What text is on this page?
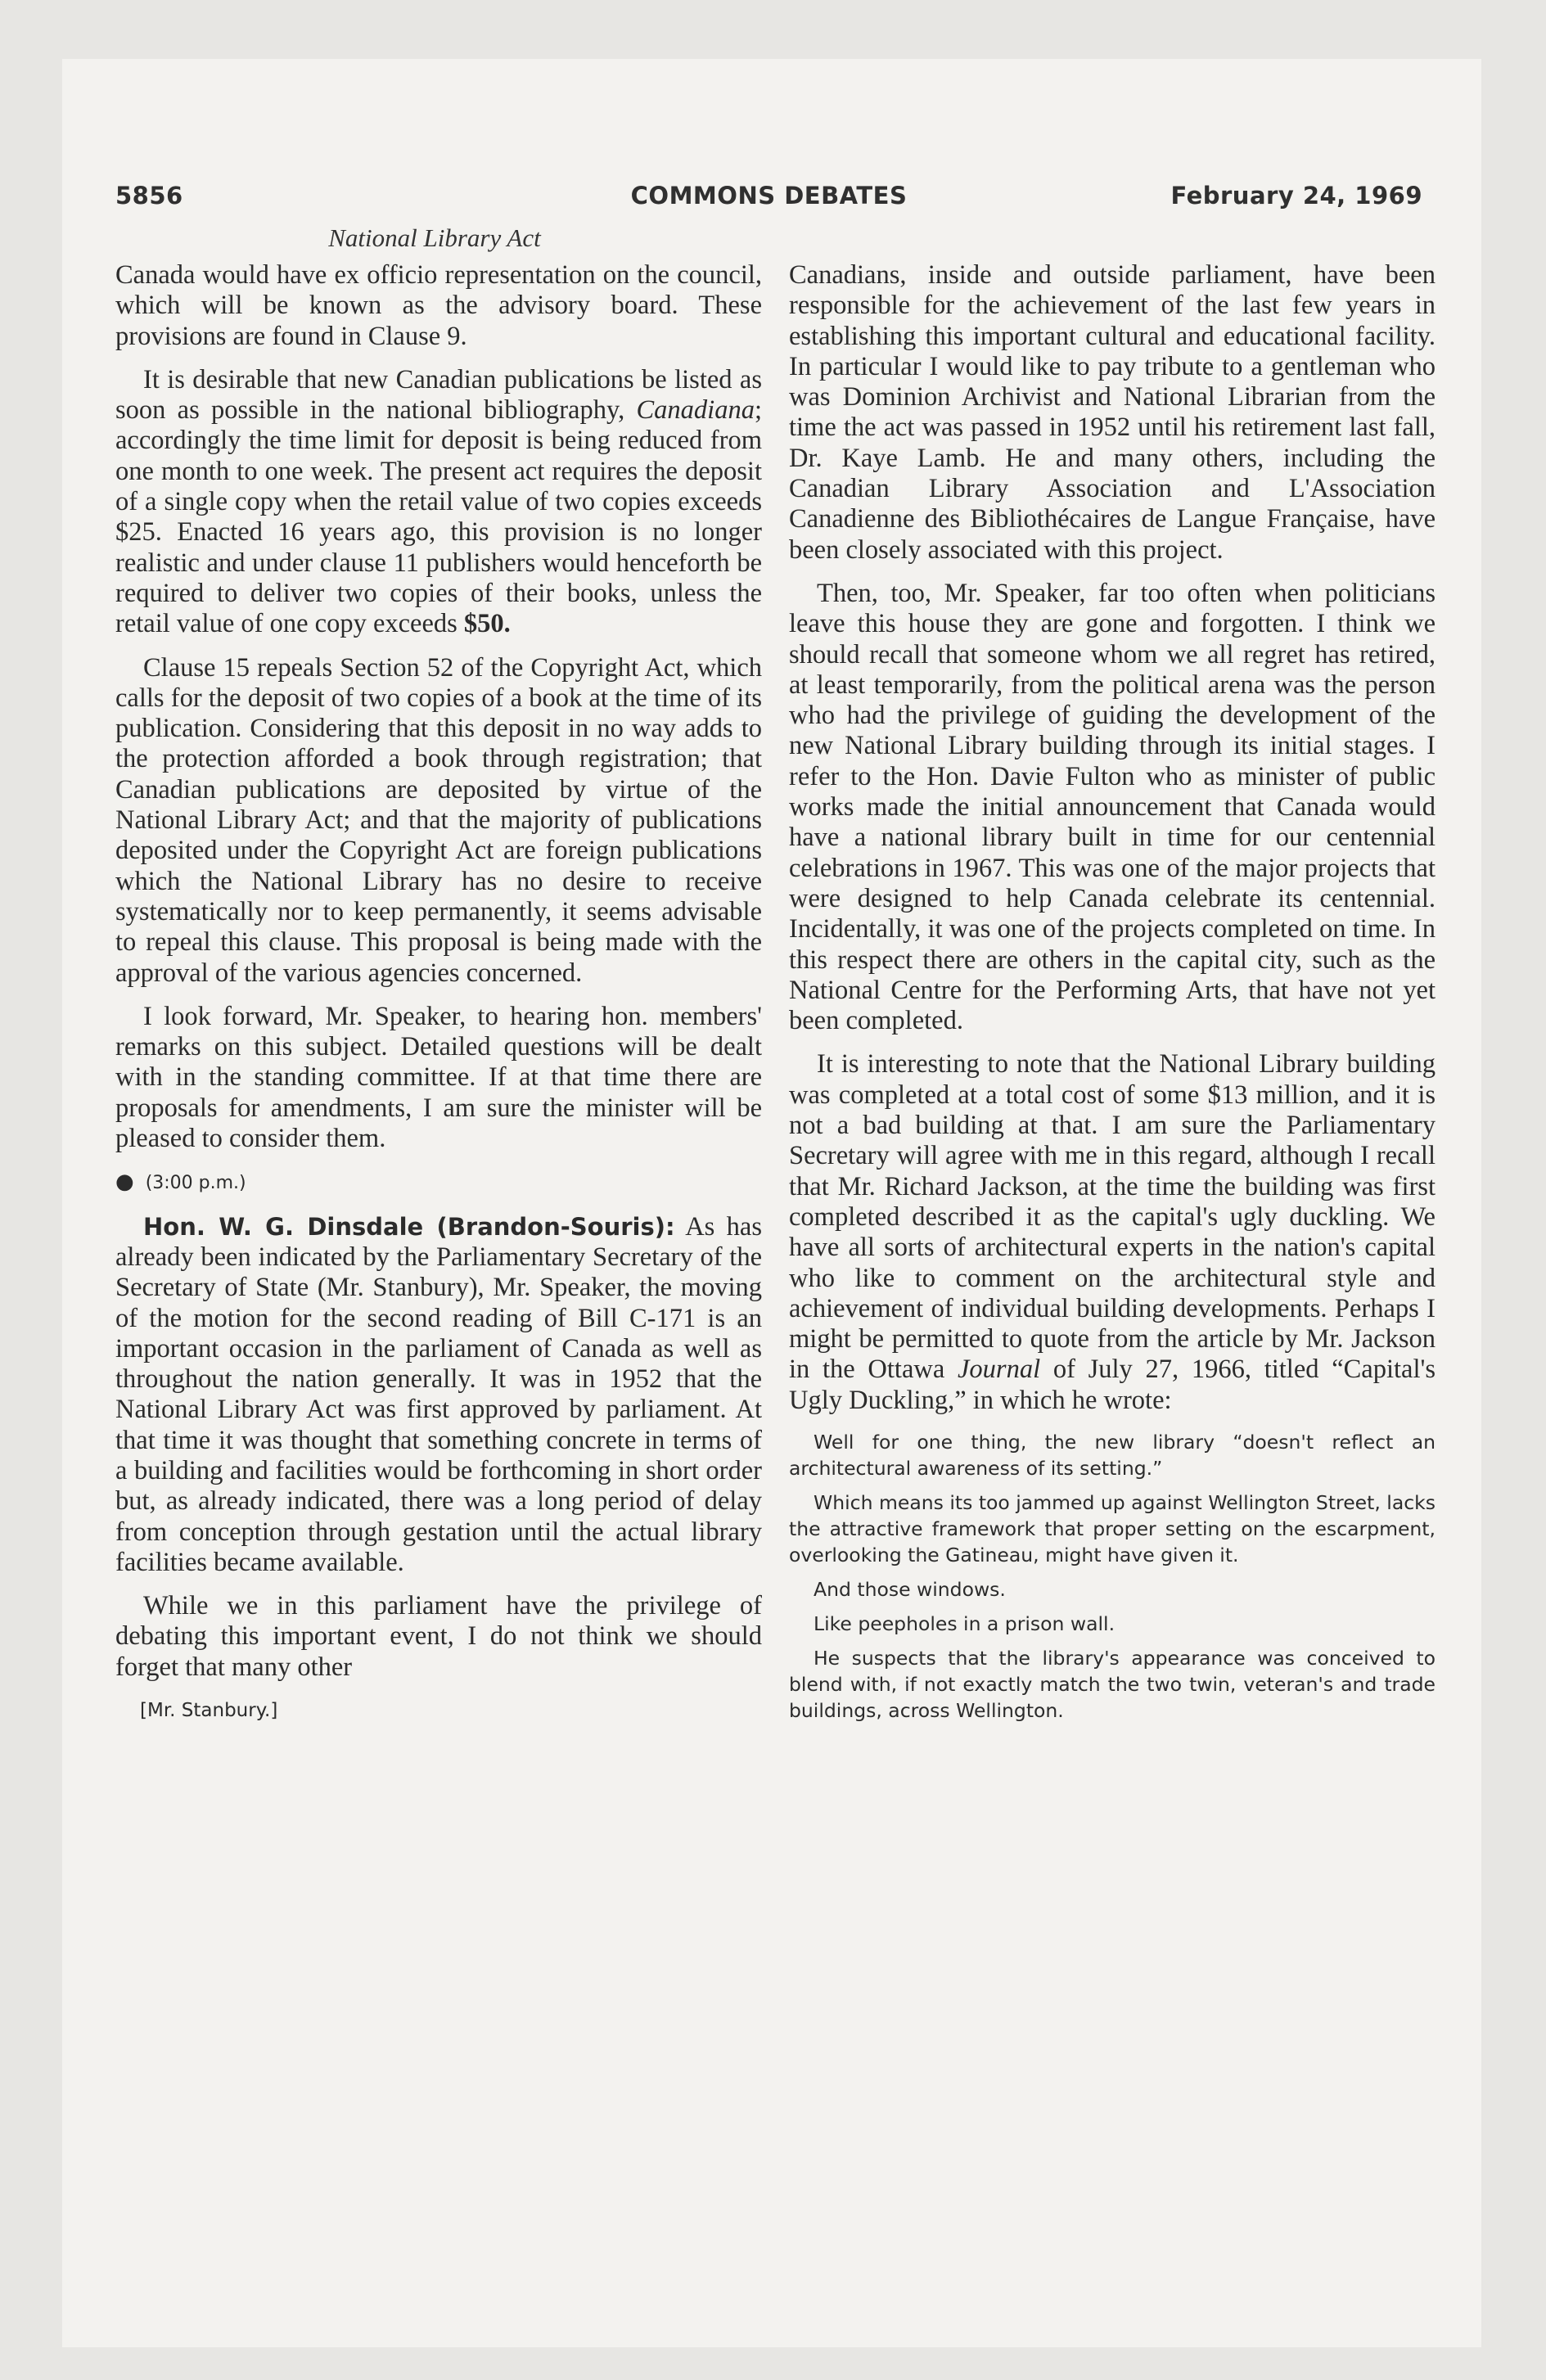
5856	COMMONS DEBATES	February 24, 1969
National Library Act

Canada would have ex officio representation on the council, which will be known as the advisory board. These provisions are found in Clause 9.

It is desirable that new Canadian publications be listed as soon as possible in the national bibliography, Canadiana; accordingly the time limit for deposit is being reduced from one month to one week. The present act requires the deposit of a single copy when the retail value of two copies exceeds $25. Enacted 16 years ago, this provision is no longer realistic and under clause 11 publishers would henceforth be required to deliver two copies of their books, unless the retail value of one copy exceeds $50.

Clause 15 repeals Section 52 of the Copyright Act, which calls for the deposit of two copies of a book at the time of its publication. Considering that this deposit in no way adds to the protection afforded a book through registration; that Canadian publications are deposited by virtue of the National Library Act; and that the majority of publications deposited under the Copyright Act are foreign publications which the National Library has no desire to receive systematically nor to keep permanently, it seems advisable to repeal this clause. This proposal is being made with the approval of the various agencies concerned.

I look forward, Mr. Speaker, to hearing hon. members' remarks on this subject. Detailed questions will be dealt with in the standing committee. If at that time there are proposals for amendments, I am sure the minister will be pleased to consider them.

● (3:00 p.m.)

Hon. W. G. Dinsdale (Brandon-Souris): As has already been indicated by the Parliamentary Secretary of the Secretary of State (Mr. Stanbury), Mr. Speaker, the moving of the motion for the second reading of Bill C-171 is an important occasion in the parliament of Canada as well as throughout the nation generally. It was in 1952 that the National Library Act was first approved by parliament. At that time it was thought that something concrete in terms of a building and facilities would be forthcoming in short order but, as already indicated, there was a long period of delay from conception through gestation until the actual library facilities became available.

While we in this parliament have the privilege of debating this important event, I do not think we should forget that many other

[Mr. Stanbury.]

Canadians, inside and outside parliament, have been responsible for the achievement of the last few years in establishing this important cultural and educational facility. In particular I would like to pay tribute to a gentleman who was Dominion Archivist and National Librarian from the time the act was passed in 1952 until his retirement last fall, Dr. Kaye Lamb. He and many others, including the Canadian Library Association and L'Association Canadienne des Bibliothécaires de Langue Française, have been closely associated with this project.

Then, too, Mr. Speaker, far too often when politicians leave this house they are gone and forgotten. I think we should recall that someone whom we all regret has retired, at least temporarily, from the political arena was the person who had the privilege of guiding the development of the new National Library building through its initial stages. I refer to the Hon. Davie Fulton who as minister of public works made the initial announcement that Canada would have a national library built in time for our centennial celebrations in 1967. This was one of the major projects that were designed to help Canada celebrate its centennial. Incidentally, it was one of the projects completed on time. In this respect there are others in the capital city, such as the National Centre for the Performing Arts, that have not yet been completed.

It is interesting to note that the National Library building was completed at a total cost of some $13 million, and it is not a bad building at that. I am sure the Parliamentary Secretary will agree with me in this regard, although I recall that Mr. Richard Jackson, at the time the building was first completed described it as the capital's ugly duckling. We have all sorts of architectural experts in the nation's capital who like to comment on the architectural style and achievement of individual building developments. Perhaps I might be permitted to quote from the article by Mr. Jackson in the Ottawa Journal of July 27, 1966, titled “Capital's Ugly Duckling,” in which he wrote:

Well for one thing, the new library “doesn't reflect an architectural awareness of its setting.”

Which means its too jammed up against Wellington Street, lacks the attractive framework that proper setting on the escarpment, overlooking the Gatineau, might have given it.

And those windows.

Like peepholes in a prison wall.

He suspects that the library's appearance was conceived to blend with, if not exactly match the two twin, veteran's and trade buildings, across Wellington.
